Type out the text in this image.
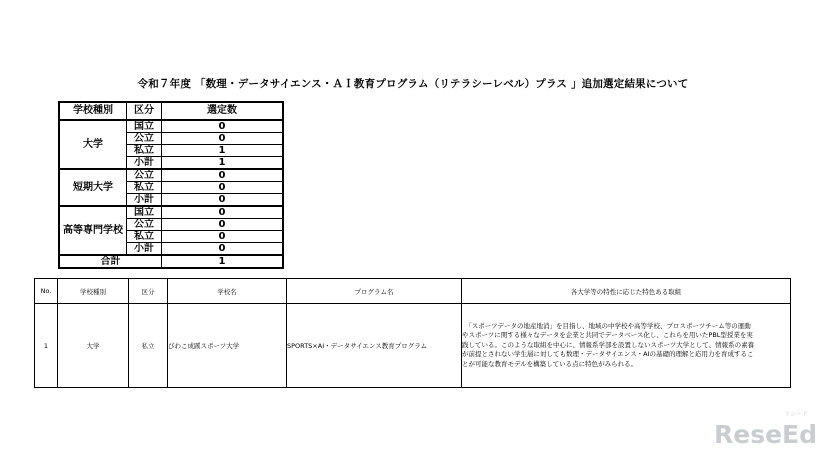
令和７年度 「数理・データサイエンス・ＡＩ教育プログラム（リテラシーレベル）プラス 」追加選定結果について
学校種別	区分	選定数
大学	国立	0
	公立	0
	私立	1
	小計	1
短期大学	公立	0
	私立	0
	小計	0
高等専門学校	国立	0
	公立	0
	私立	0
	小計	0
合計		1
No.	学校種別	区分	学校名	プログラム名	各大学等の特性に応じた特色ある取組
1	大学	私立	びわこ成蹊スポーツ大学	SPORTS×AI・データサイエンス教育プログラム	　「スポーツデータの地産地消」を目指し、地域の中学校や高等学校、プロスポーツチーム等の運動
やスポーツに関する様々なデータを企業と共同でデータベース化し、これらを用いたPBL型授業を実
践している。このような取組を中心に、情報系学部を設置しないスポーツ大学として、情報系の素養
が前提とされない学生層に対しても数理・データサイエンス・AIの基礎的理解と応用力を育成するこ
とが可能な教育モデルを構築している点に特色がみられる。
リシード
ReseEd
